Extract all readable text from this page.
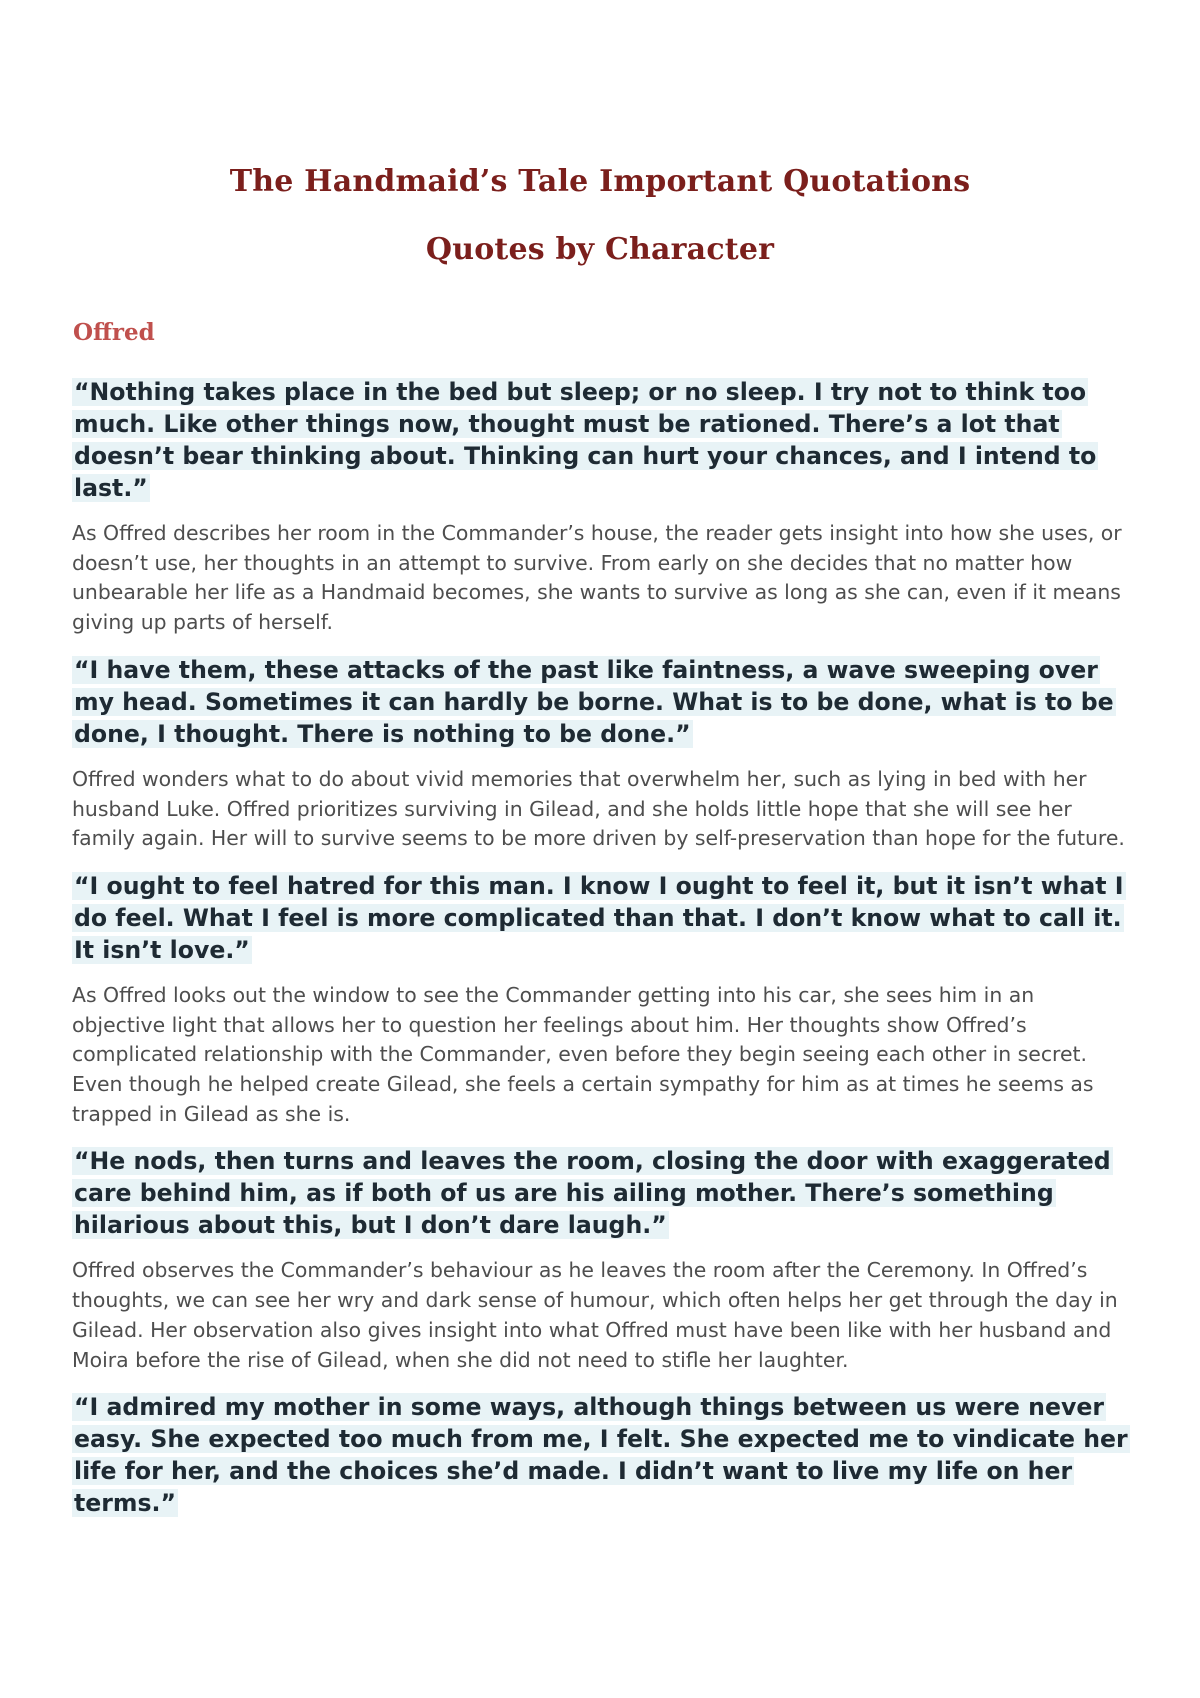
The Handmaid’s Tale Important Quotations
Quotes by Character
Offred

“Nothing takes place in the bed but sleep; or no sleep. I try not to think too much. Like other things now, thought must be rationed. There’s a lot that doesn’t bear thinking about. Thinking can hurt your chances, and I intend to last.”

As Offred describes her room in the Commander’s house, the reader gets insight into how she uses, or doesn’t use, her thoughts in an attempt to survive. From early on she decides that no matter how unbearable her life as a Handmaid becomes, she wants to survive as long as she can, even if it means giving up parts of herself.

“I have them, these attacks of the past like faintness, a wave sweeping over my head. Sometimes it can hardly be borne. What is to be done, what is to be done, I thought. There is nothing to be done.”

Offred wonders what to do about vivid memories that overwhelm her, such as lying in bed with her husband Luke. Offred prioritizes surviving in Gilead, and she holds little hope that she will see her family again. Her will to survive seems to be more driven by self-preservation than hope for the future.

“I ought to feel hatred for this man. I know I ought to feel it, but it isn’t what I do feel. What I feel is more complicated than that. I don’t know what to call it. It isn’t love.”

As Offred looks out the window to see the Commander getting into his car, she sees him in an objective light that allows her to question her feelings about him. Her thoughts show Offred’s complicated relationship with the Commander, even before they begin seeing each other in secret. Even though he helped create Gilead, she feels a certain sympathy for him as at times he seems as trapped in Gilead as she is.

“He nods, then turns and leaves the room, closing the door with exaggerated care behind him, as if both of us are his ailing mother. There’s something hilarious about this, but I don’t dare laugh.”

Offred observes the Commander’s behaviour as he leaves the room after the Ceremony. In Offred’s thoughts, we can see her wry and dark sense of humour, which often helps her get through the day in Gilead. Her observation also gives insight into what Offred must have been like with her husband and Moira before the rise of Gilead, when she did not need to stifle her laughter.

“I admired my mother in some ways, although things between us were never easy. She expected too much from me, I felt. She expected me to vindicate her life for her, and the choices she’d made. I didn’t want to live my life on her terms.”
